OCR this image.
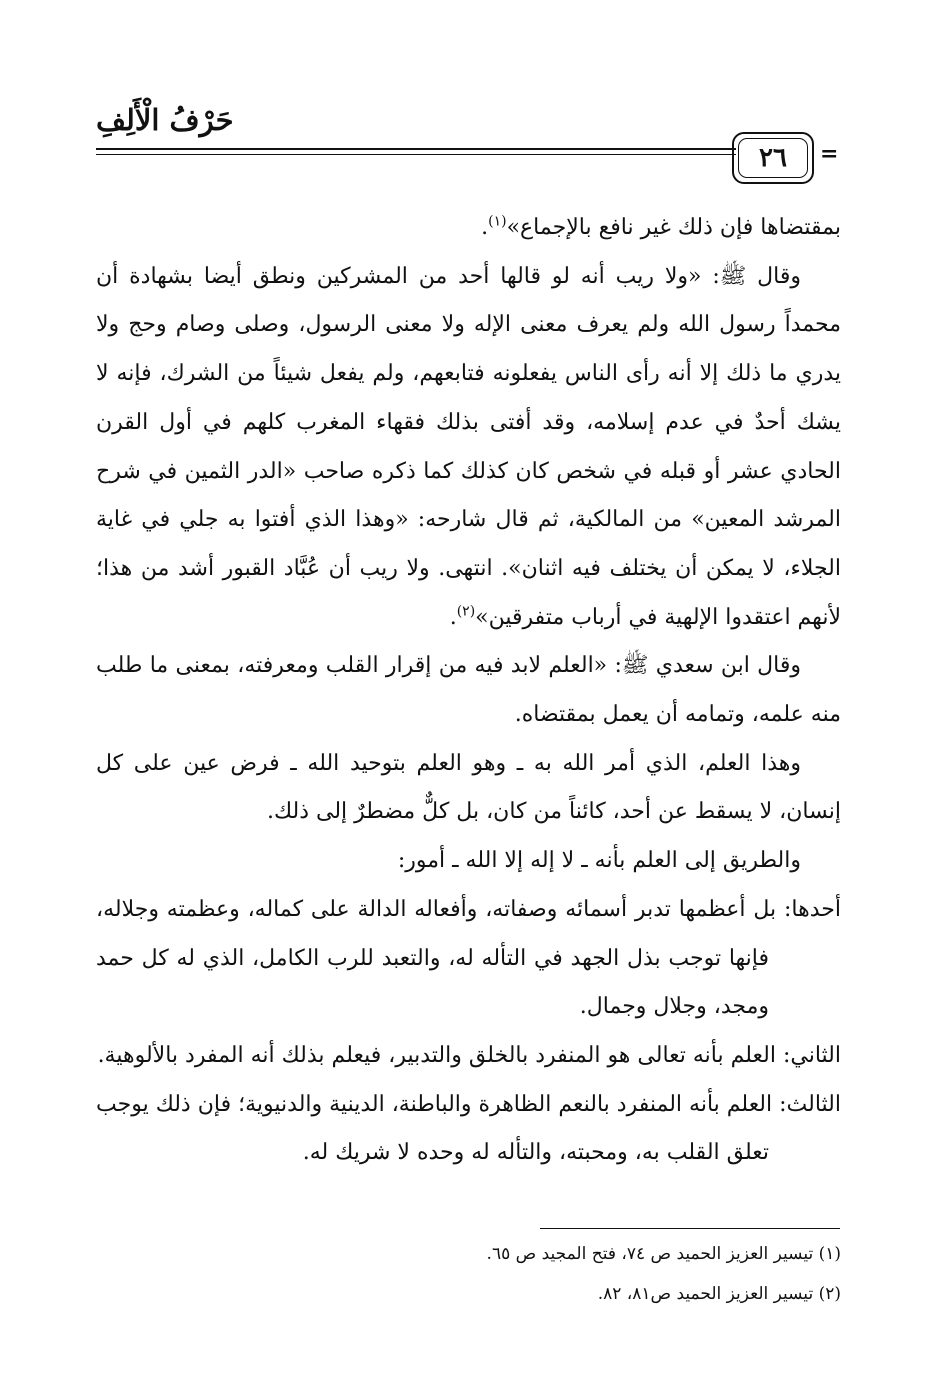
حَرْفُ الْأَلِفِ
٢٦	=

بمقتضاها فإن ذلك غير نافع بالإجماع»$^{(١)}$.

وقال ﷺ: «ولا ريب أنه لو قالها أحد من المشركين ونطق أيضا بشهادة أن محمداً رسول الله ولم يعرف معنى الإله ولا معنى الرسول، وصلى وصام وحج ولا يدري ما ذلك إلا أنه رأى الناس يفعلونه فتابعهم، ولم يفعل شيئاً من الشرك، فإنه لا يشك أحدٌ في عدم إسلامه، وقد أفتى بذلك فقهاء المغرب كلهم في أول القرن الحادي عشر أو قبله في شخص كان كذلك كما ذكره صاحب «الدر الثمين في شرح المرشد المعين» من المالكية، ثم قال شارحه: «وهذا الذي أفتوا به جلي في غاية الجلاء، لا يمكن أن يختلف فيه اثنان». انتهى. ولا ريب أن عُبَّاد القبور أشد من هذا؛ لأنهم اعتقدوا الإلهية في أرباب متفرقين»$^{(٢)}$.

وقال ابن سعدي ﷺ: «العلم لابد فيه من إقرار القلب ومعرفته، بمعنى ما طلب منه علمه، وتمامه أن يعمل بمقتضاه.

وهذا العلم، الذي أمر الله به ـ وهو العلم بتوحيد الله ـ فرض عين على كل إنسان، لا يسقط عن أحد، كائناً من كان، بل كلٌّ مضطرٌ إلى ذلك.

والطريق إلى العلم بأنه ـ لا إله إلا الله ـ أمور:

أحدها: بل أعظمها تدبر أسمائه وصفاته، وأفعاله الدالة على كماله، وعظمته وجلاله، فإنها توجب بذل الجهد في التأله له، والتعبد للرب الكامل، الذي له كل حمد ومجد، وجلال وجمال.

الثاني: العلم بأنه تعالى هو المنفرد بالخلق والتدبير، فيعلم بذلك أنه المفرد بالألوهية.

الثالث: العلم بأنه المنفرد بالنعم الظاهرة والباطنة، الدينية والدنيوية؛ فإن ذلك يوجب تعلق القلب به، ومحبته، والتأله له وحده لا شريك له.

(١) تيسير العزيز الحميد ص ٧٤، فتح المجيد ص ٦٥.

(٢) تيسير العزيز الحميد ص٨١، ٨٢.
